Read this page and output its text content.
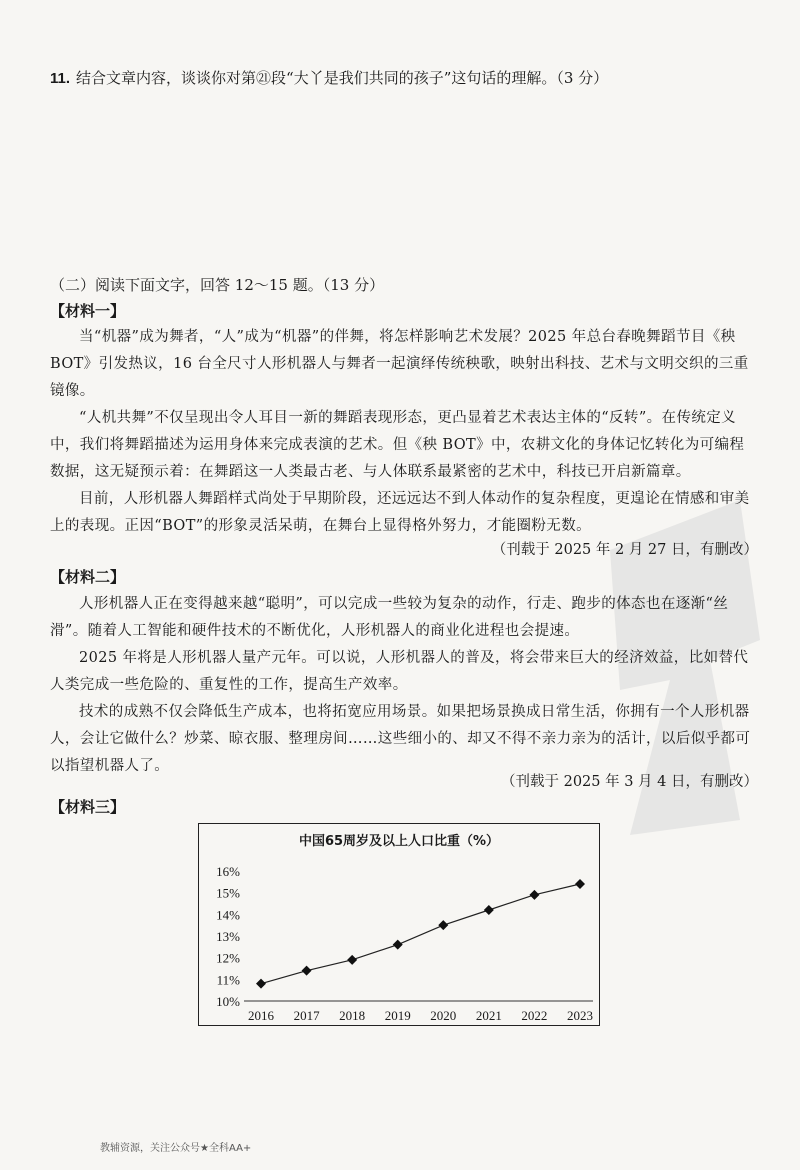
11. 结合文章内容，谈谈你对第㉑段“大丫是我们共同的孩子”这句话的理解。（3 分）
（二）阅读下面文字，回答 12～15 题。（13 分）
【材料一】
当“机器”成为舞者，“人”成为“机器”的伴舞，将怎样影响艺术发展？2025 年总台春晚舞蹈节目《秧 BOT》引发热议，16 台全尺寸人形机器人与舞者一起演绎传统秧歌，映射出科技、艺术与文明交织的三重镜像。
“人机共舞”不仅呈现出令人耳目一新的舞蹈表现形态，更凸显着艺术表达主体的“反转”。在传统定义中，我们将舞蹈描述为运用身体来完成表演的艺术。但《秧 BOT》中，农耕文化的身体记忆转化为可编程数据，这无疑预示着：在舞蹈这一人类最古老、与人体联系最紧密的艺术中，科技已开启新篇章。
目前，人形机器人舞蹈样式尚处于早期阶段，还远远达不到人体动作的复杂程度，更遑论在情感和审美上的表现。正因“BOT”的形象灵活呆萌，在舞台上显得格外努力，才能圈粉无数。
（刊载于 2025 年 2 月 27 日，有删改）
【材料二】
人形机器人正在变得越来越“聪明”，可以完成一些较为复杂的动作，行走、跑步的体态也在逐渐“丝滑”。随着人工智能和硬件技术的不断优化，人形机器人的商业化进程也会提速。
2025 年将是人形机器人量产元年。可以说，人形机器人的普及，将会带来巨大的经济效益，比如替代人类完成一些危险的、重复性的工作，提高生产效率。
技术的成熟不仅会降低生产成本，也将拓宽应用场景。如果把场景换成日常生活，你拥有一个人形机器人，会让它做什么？炒菜、晾衣服、整理房间……这些细小的、却又不得不亲力亲为的活计，以后似乎都可以指望机器人了。
（刊载于 2025 年 3 月 4 日，有删改）
【材料三】
中国65周岁及以上人口比重（%）
16%
15%
14%
13%
12%
11%
10%
2016 2017 2018 2019 2020 2021 2022 2023
教辅资源，关注公众号★全科AA+
